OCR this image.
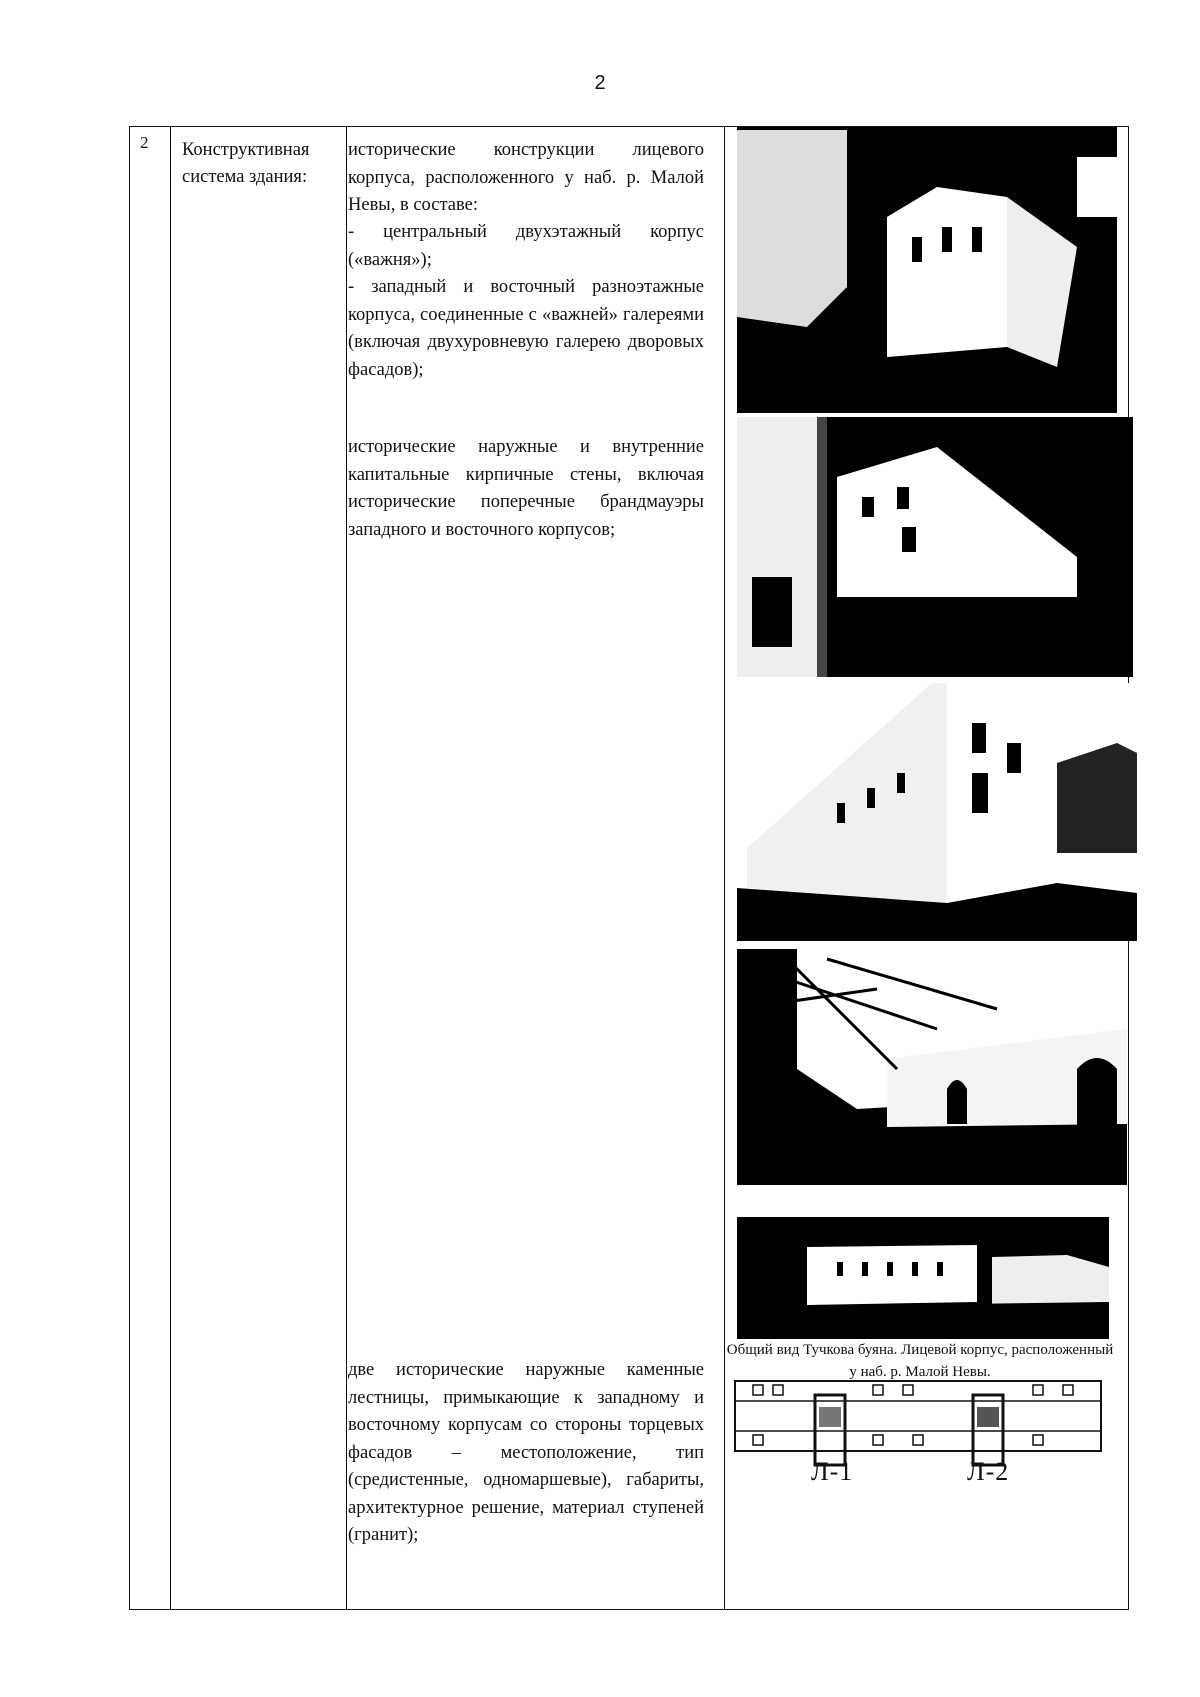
2
2 Конструктивная система здания:
исторические конструкции лицевого корпуса, расположенного у наб. р. Малой Невы, в составе:
- центральный двухэтажный корпус («важня»);
- западный и восточный разноэтажные корпуса, соединенные с «важней» галереями (включая двухуровневую галерею дворовых фасадов);
исторические наружные и внутренние капитальные кирпичные стены, включая исторические поперечные брандмауэры западного и восточного корпусов;
две исторические наружные каменные лестницы, примыкающие к западному и восточному корпусам со стороны торцевых фасадов – местоположение, тип (средистенные, одномаршевые), габариты, архитектурное решение, материал ступеней (гранит);
Общий вид Тучкова буяна. Лицевой корпус, расположенный у наб. р. Малой Невы.
Л-1	Л-2
